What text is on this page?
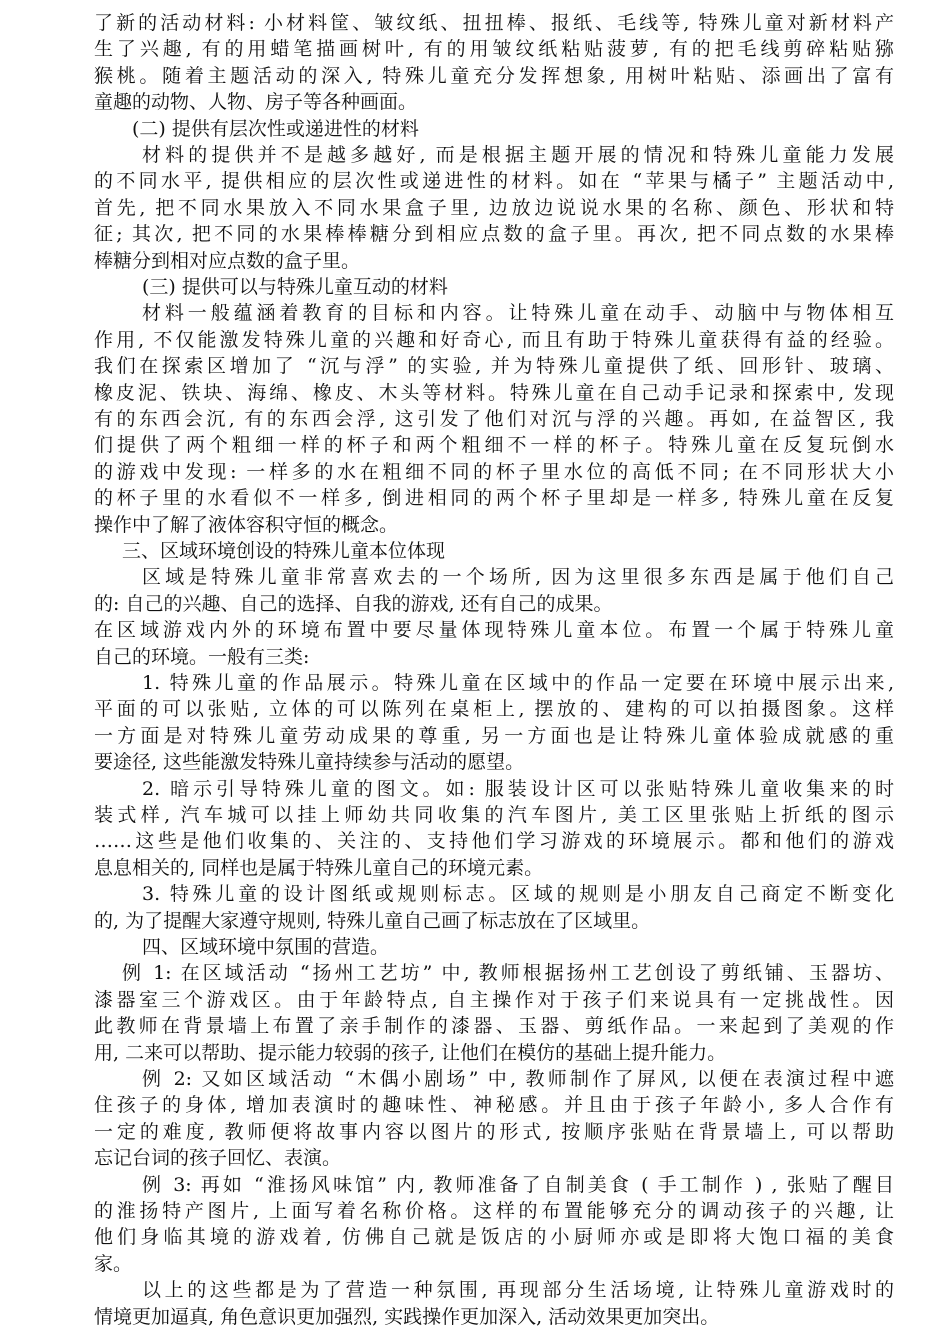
了新的活动材料: 小材料筐、皱纹纸、扭扭棒、报纸、毛线等, 特殊儿童对新材料产
生了兴趣, 有的用蜡笔描画树叶, 有的用皱纹纸粘贴菠萝, 有的把毛线剪碎粘贴猕
猴桃。随着主题活动的深入, 特殊儿童充分发挥想象, 用树叶粘贴、添画出了富有
童趣的动物、人物、房子等各种画面。
(二) 提供有层次性或递进性的材料
材料的提供并不是越多越好, 而是根据主题开展的情况和特殊儿童能力发展
的不同水平, 提供相应的层次性或递进性的材料。如在 “苹果与橘子” 主题活动中,
首先, 把不同水果放入不同水果盒子里, 边放边说说水果的名称、颜色、形状和特
征; 其次, 把不同的水果棒棒糖分到相应点数的盒子里。再次, 把不同点数的水果棒
棒糖分到相对应点数的盒子里。
(三) 提供可以与特殊儿童互动的材料
材料一般蕴涵着教育的目标和内容。让特殊儿童在动手、动脑中与物体相互
作用, 不仅能激发特殊儿童的兴趣和好奇心, 而且有助于特殊儿童获得有益的经验。
我们在探索区增加了 “沉与浮” 的实验, 并为特殊儿童提供了纸、回形针、玻璃、
橡皮泥、铁块、海绵、橡皮、木头等材料。特殊儿童在自己动手记录和探索中, 发现
有的东西会沉, 有的东西会浮, 这引发了他们对沉与浮的兴趣。再如, 在益智区, 我
们提供了两个粗细一样的杯子和两个粗细不一样的杯子。特殊儿童在反复玩倒水
的游戏中发现: 一样多的水在粗细不同的杯子里水位的高低不同; 在不同形状大小
的杯子里的水看似不一样多, 倒进相同的两个杯子里却是一样多, 特殊儿童在反复
操作中了解了液体容积守恒的概念。
三、区域环境创设的特殊儿童本位体现
区域是特殊儿童非常喜欢去的一个场所, 因为这里很多东西是属于他们自己
的: 自己的兴趣、自己的选择、自我的游戏, 还有自己的成果。
在区域游戏内外的环境布置中要尽量体现特殊儿童本位。布置一个属于特殊儿童
自己的环境。一般有三类:
1. 特殊儿童的作品展示。特殊儿童在区域中的作品一定要在环境中展示出来,
平面的可以张贴, 立体的可以陈列在桌柜上, 摆放的、建构的可以拍摄图象。这样
一方面是对特殊儿童劳动成果的尊重, 另一方面也是让特殊儿童体验成就感的重
要途径, 这些能激发特殊儿童持续参与活动的愿望。
2. 暗示引导特殊儿童的图文。如: 服装设计区可以张贴特殊儿童收集来的时
装式样, 汽车城可以挂上师幼共同收集的汽车图片, 美工区里张贴上折纸的图示
……这些是他们收集的、关注的、支持他们学习游戏的环境展示。都和他们的游戏
息息相关的, 同样也是属于特殊儿童自己的环境元素。
3. 特殊儿童的设计图纸或规则标志。区域的规则是小朋友自己商定不断变化
的, 为了提醒大家遵守规则, 特殊儿童自己画了标志放在了区域里。
四、区域环境中氛围的营造。
例 1: 在区域活动 “扬州工艺坊” 中, 教师根据扬州工艺创设了剪纸铺、玉器坊、
漆器室三个游戏区。由于年龄特点, 自主操作对于孩子们来说具有一定挑战性。因
此教师在背景墙上布置了亲手制作的漆器、玉器、剪纸作品。一来起到了美观的作
用, 二来可以帮助、提示能力较弱的孩子, 让他们在模仿的基础上提升能力。
例 2: 又如区域活动 “木偶小剧场” 中, 教师制作了屏风, 以便在表演过程中遮
住孩子的身体, 增加表演时的趣味性、神秘感。并且由于孩子年龄小, 多人合作有
一定的难度, 教师便将故事内容以图片的形式, 按顺序张贴在背景墙上, 可以帮助
忘记台词的孩子回忆、表演。
例 3: 再如 “淮扬风味馆” 内, 教师准备了自制美食 ( 手工制作 ) , 张贴了醒目
的淮扬特产图片, 上面写着名称价格。这样的布置能够充分的调动孩子的兴趣, 让
他们身临其境的游戏着, 仿佛自己就是饭店的小厨师亦或是即将大饱口福的美食
家。
以上的这些都是为了营造一种氛围, 再现部分生活场境, 让特殊儿童游戏时的
情境更加逼真, 角色意识更加强烈, 实践操作更加深入, 活动效果更加突出。
